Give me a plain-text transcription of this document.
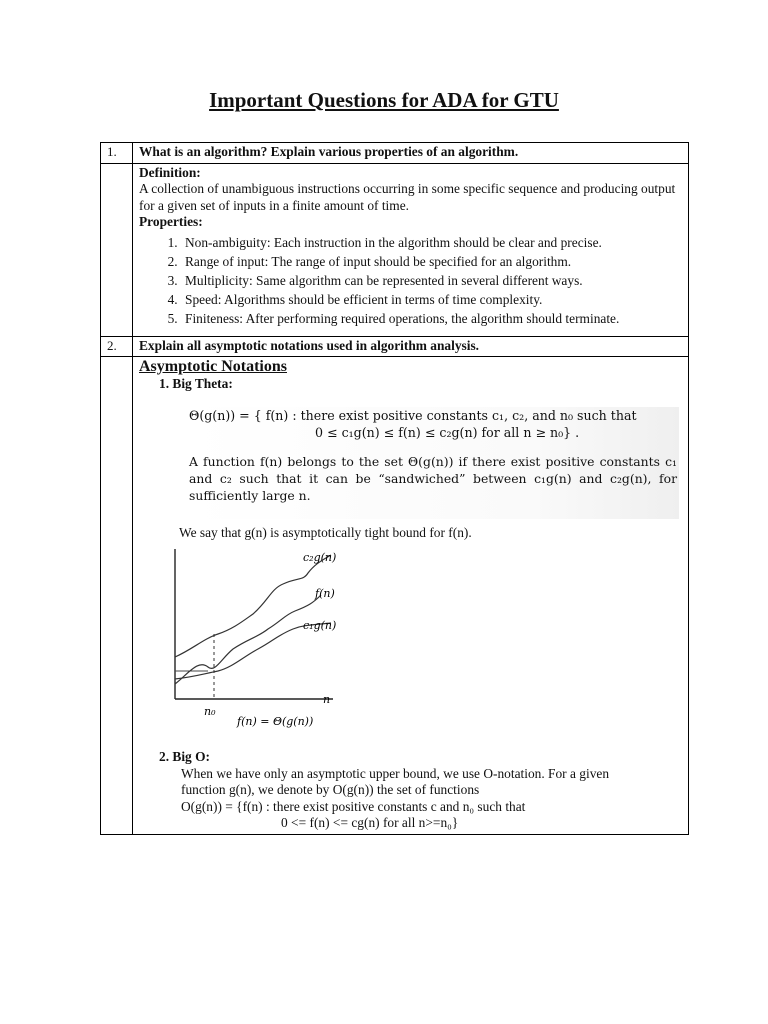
Important Questions for ADA for GTU
1.	What is an algorithm? Explain various properties of an algorithm.
Definition:
A collection of unambiguous instructions occurring in some specific sequence and producing output for a given set of inputs in a finite amount of time.
Properties:
1. Non-ambiguity: Each instruction in the algorithm should be clear and precise.
2. Range of input: The range of input should be specified for an algorithm.
3. Multiplicity: Same algorithm can be represented in several different ways.
4. Speed: Algorithms should be efficient in terms of time complexity.
5. Finiteness: After performing required operations, the algorithm should terminate.
2.	Explain all asymptotic notations used in algorithm analysis.
Asymptotic Notations
1. Big Theta:
Θ(g(n)) = { f(n) : there exist positive constants c₁, c₂, and n₀ such that
0 ≤ c₁g(n) ≤ f(n) ≤ c₂g(n) for all n ≥ n₀} .
A function f(n) belongs to the set Θ(g(n)) if there exist positive constants c₁ and c₂ such that it can be “sandwiched” between c₁g(n) and c₂g(n), for sufficiently large n.
We say that g(n) is asymptotically tight bound for f(n).
c₂g(n)
f(n)
c₁g(n)
n
n₀
f(n) = Θ(g(n))
2. Big O:

When we have only an asymptotic upper bound, we use O-notation. For a given

function g(n), we denote by O(g(n)) the set of functions

O(g(n)) = {f(n) : there exist positive constants c and n₀ such that

0 <= f(n) <= cg(n) for all n>=n₀}
